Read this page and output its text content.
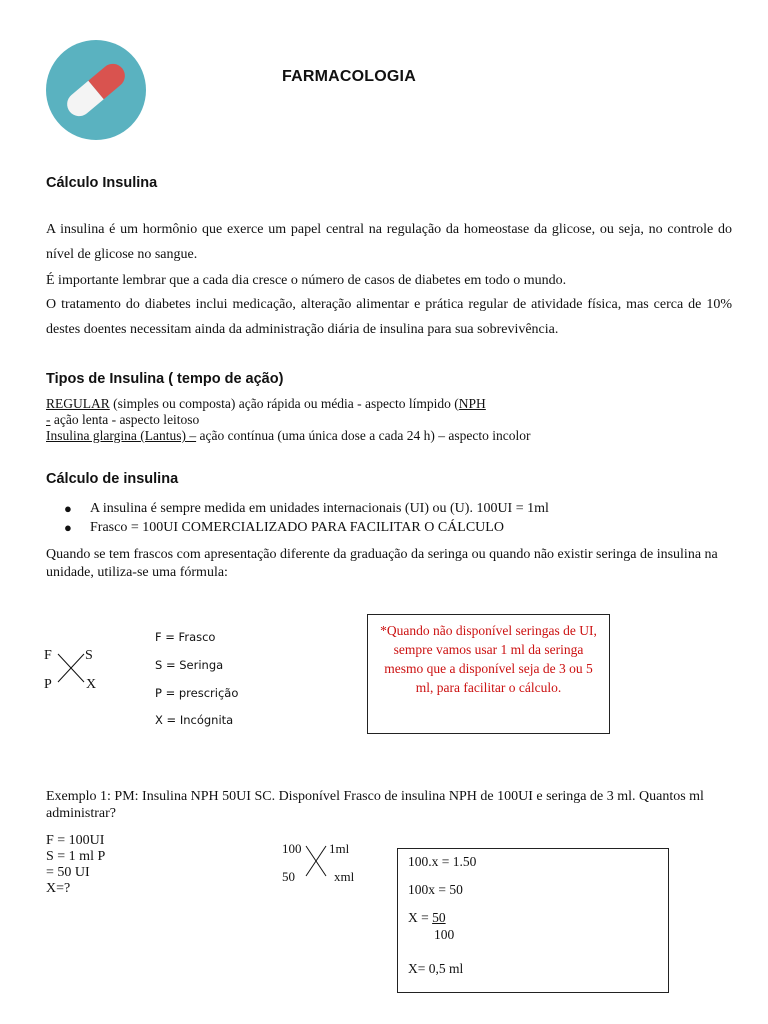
FARMACOLOGIA
Cálculo Insulina
A insulina é um hormônio que exerce um papel central na regulação da homeostase da glicose, ou seja, no controle do nível de glicose no sangue.
É importante lembrar que a cada dia cresce o número de casos de diabetes em todo o mundo.
O tratamento do diabetes inclui medicação, alteração alimentar e prática regular de atividade física, mas cerca de 10% destes doentes necessitam ainda da administração diária de insulina para sua sobrevivência.
Tipos de Insulina ( tempo de ação)
REGULAR (simples ou composta) ação rápida ou média - aspecto límpido (NPH
- ação lenta - aspecto leitoso
Insulina glargina (Lantus) – ação contínua (uma única dose a cada 24 h) – aspecto incolor
Cálculo de insulina
●	A insulina é sempre medida em unidades internacionais (UI) ou (U). 100UI = 1ml
●	Frasco = 100UI COMERCIALIZADO PARA FACILITAR O CÁLCULO
Quando se tem frascos com apresentação diferente da graduação da seringa ou quando não existir seringa de insulina na unidade, utiliza-se uma fórmula:
F S
P X
F = Frasco
S = Seringa
P = prescrição
X = Incógnita
*Quando não disponível seringas de UI, sempre vamos usar 1 ml da seringa mesmo que a disponível seja de 3 ou 5 ml, para facilitar o cálculo.
Exemplo 1: PM: Insulina NPH 50UI SC. Disponível Frasco de insulina NPH de 100UI e seringa de 3 ml. Quantos ml administrar?
F = 100UI
S = 1 ml P
= 50 UI
X=?
100 1ml
50	xml
100.x = 1.50
100x = 50
X = 50
100
X= 0,5 ml
